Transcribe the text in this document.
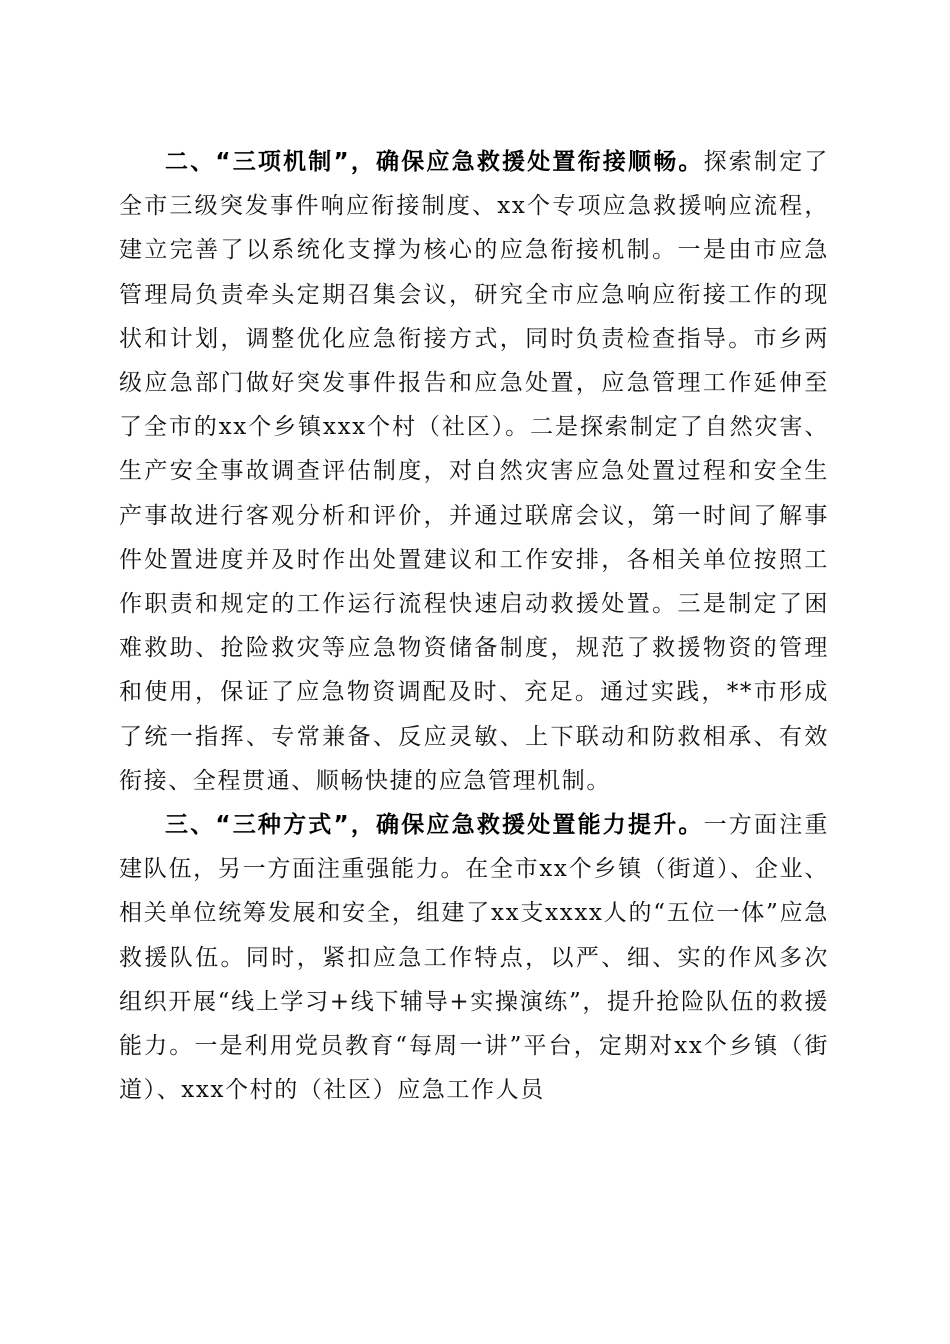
二、“三项机制”，确保应急救援处置衔接顺畅。探索制定了全市三级突发事件响应衔接制度、xx个专项应急救援响应流程，建立完善了以系统化支撑为核心的应急衔接机制。一是由市应急管理局负责牵头定期召集会议，研究全市应急响应衔接工作的现状和计划，调整优化应急衔接方式，同时负责检查指导。市乡两级应急部门做好突发事件报告和应急处置，应急管理工作延伸至了全市的xx个乡镇xxx个村（社区）。二是探索制定了自然灾害、生产安全事故调查评估制度，对自然灾害应急处置过程和安全生产事故进行客观分析和评价，并通过联席会议，第一时间了解事件处置进度并及时作出处置建议和工作安排，各相关单位按照工作职责和规定的工作运行流程快速启动救援处置。三是制定了困难救助、抢险救灾等应急物资储备制度，规范了救援物资的管理和使用，保证了应急物资调配及时、充足。通过实践，**市形成了统一指挥、专常兼备、反应灵敏、上下联动和防救相承、有效衔接、全程贯通、顺畅快捷的应急管理机制。

三、“三种方式”，确保应急救援处置能力提升。一方面注重建队伍，另一方面注重强能力。在全市xx个乡镇（街道）、企业、相关单位统筹发展和安全，组建了xx支xxxx人的“五位一体”应急救援队伍。同时，紧扣应急工作特点，以严、细、实的作风多次组织开展“线上学习+线下辅导+实操演练”，提升抢险队伍的救援能力。一是利用党员教育“每周一讲”平台，定期对xx个乡镇（街道）、xxx个村的（社区）应急工作人员
